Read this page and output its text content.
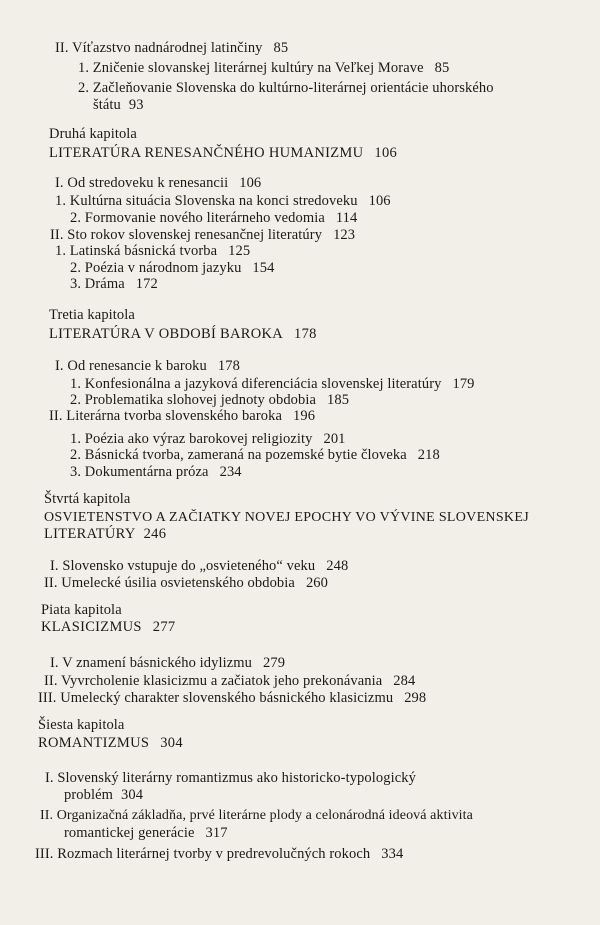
II. Víťazstvo nadnárodnej latinčiny 85
1. Zničenie slovanskej literárnej kultúry na Veľkej Morave 85
2. Začleňovanie Slovenska do kultúrno-literárnej orientácie uhorského
štátu 93
Druhá kapitola
LITERATÚRA RENESANČNÉHO HUMANIZMU 106
I. Od stredoveku k renesancii 106
1. Kultúrna situácia Slovenska na konci stredoveku 106
2. Formovanie nového literárneho vedomia 114
II. Sto rokov slovenskej renesančnej literatúry 123
1. Latinská básnická tvorba 125
2. Poézia v národnom jazyku 154
3. Dráma 172
Tretia kapitola
LITERATÚRA V OBDOBÍ BAROKA 178
I. Od renesancie k baroku 178
1. Konfesionálna a jazyková diferenciácia slovenskej literatúry 179
2. Problematika slohovej jednoty obdobia 185
II. Literárna tvorba slovenského baroka 196
1. Poézia ako výraz barokovej religiozity 201
2. Básnická tvorba, zameraná na pozemské bytie človeka 218
3. Dokumentárna próza 234
Štvrtá kapitola
OSVIETENSTVO A ZAČIATKY NOVEJ EPOCHY VO VÝVINE SLOVENSKEJ
LITERATÚRY 246
I. Slovensko vstupuje do „osvieteného“ veku 248
II. Umelecké úsilia osvietenského obdobia 260
Piata kapitola
KLASICIZMUS 277
I. V znamení básnického idylizmu 279
II. Vyvrcholenie klasicizmu a začiatok jeho prekonávania 284
III. Umelecký charakter slovenského básnického klasicizmu 298
Šiesta kapitola
ROMANTIZMUS 304
I. Slovenský literárny romantizmus ako historicko-typologický
problém 304
II. Organizačná základňa, prvé literárne plody a celonárodná ideová aktivita
romantickej generácie 317
III. Rozmach literárnej tvorby v predrevolučných rokoch 334
